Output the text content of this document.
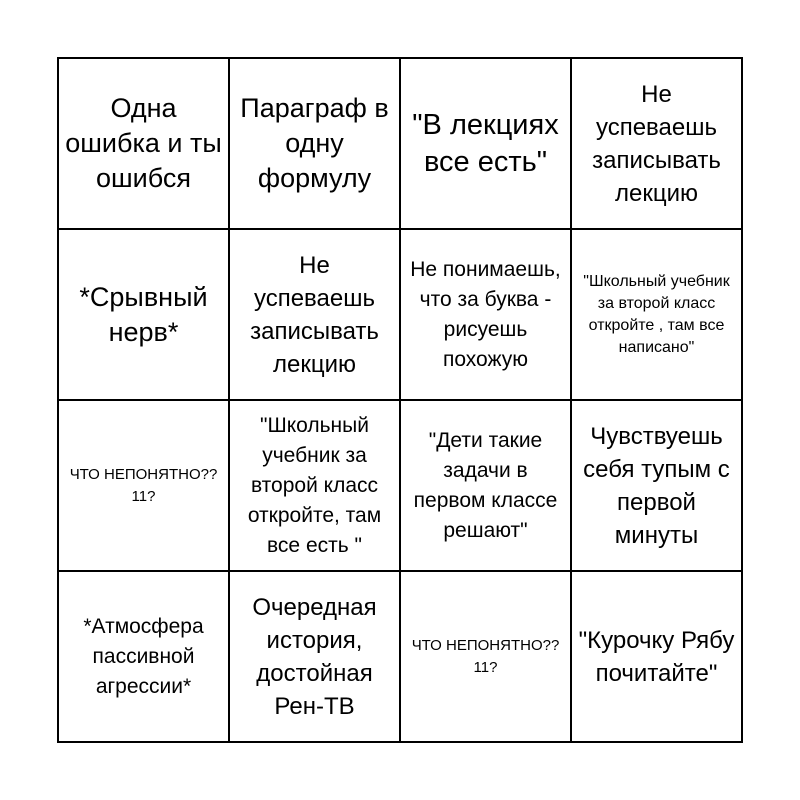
Одна ошибка и ты ошибся
Параграф в одну формулу
"В лекциях все есть"
Не успеваешь записывать лекцию
*Срывный нерв*
Не успеваешь записывать лекцию
Не понимаешь, что за буква - рисуешь похожую
"Школьный учебник за второй класс откройте , там все написано"
ЧТО НЕПОНЯТНО??11?
"Школьный учебник за второй класс откройте, там все есть "
"Дети такие задачи в первом классе решают"
Чувствуешь себя тупым с первой минуты
*Атмосфера пассивной агрессии*
Очередная история, достойная Рен-ТВ
ЧТО НЕПОНЯТНО??11?
"Курочку Рябу почитайте"
